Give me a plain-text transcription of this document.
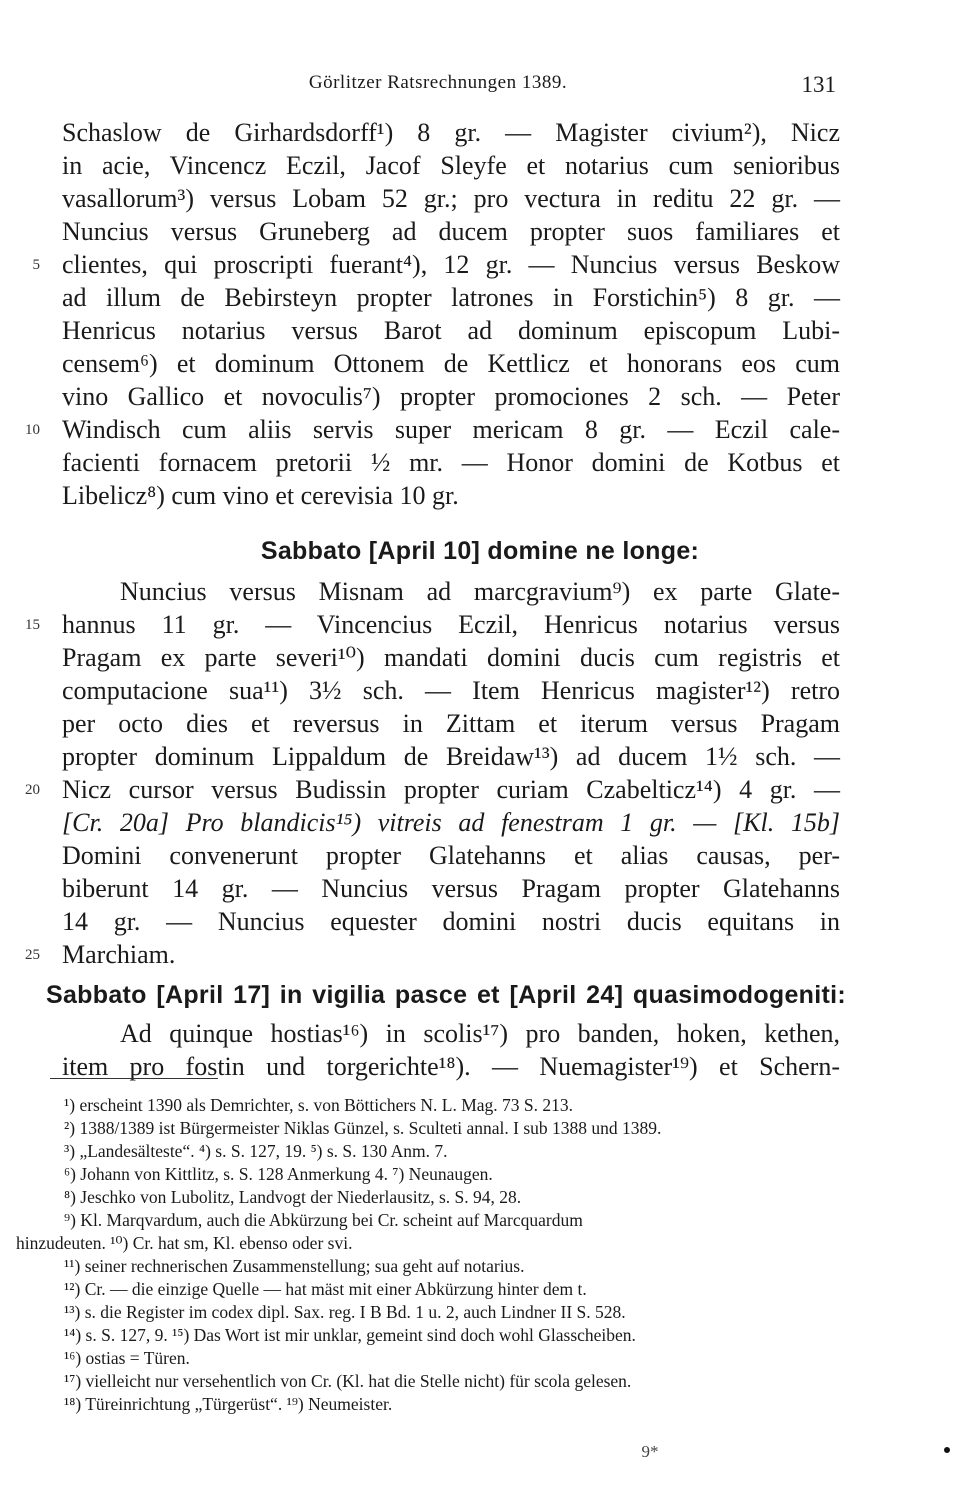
Görlitzer Ratsrechnungen 1389.	131
Schaslow de Girhardsdorff¹) 8 gr. — Magister civium²), Nicz
in acie, Vincencz Eczil, Jacof Sleyfe et notarius cum senioribus
vasallorum³) versus Lobam 52 gr.; pro vectura in reditu 22 gr. —
Nuncius versus Gruneberg ad ducem propter suos familiares et
5 clientes, qui proscripti fuerant⁴), 12 gr. — Nuncius versus Beskow
ad illum de Bebirsteyn propter latrones in Forstichin⁵) 8 gr. —
Henricus notarius versus Barot ad dominum episcopum Lubi-
censem⁶) et dominum Ottonem de Kettlicz et honorans eos cum
vino Gallico et novoculis⁷) propter promociones 2 sch. — Peter
10 Windisch cum aliis servis super mericam 8 gr. — Eczil cale-
facienti fornacem pretorii ½ mr. — Honor domini de Kotbus et
Libelicz⁸) cum vino et cerevisia 10 gr.
Sabbato [April 10] domine ne longe:
Nuncius versus Misnam ad marcgravium⁹) ex parte Glate-
15 hannus 11 gr. — Vincencius Eczil, Henricus notarius versus
Pragam ex parte severi¹⁰) mandati domini ducis cum registris et
computacione sua¹¹) 3½ sch. — Item Henricus magister¹²) retro
per octo dies et reversus in Zittam et iterum versus Pragam
propter dominum Lippaldum de Breidaw¹³) ad ducem 1½ sch. —
20 Nicz cursor versus Budissin propter curiam Czabelticz¹⁴) 4 gr. —
[Cr. 20a] Pro blandicis¹⁵) vitreis ad fenestram 1 gr. — [Kl. 15b]
Domini convenerunt propter Glatehanns et alias causas, per-
biberunt 14 gr. — Nuncius versus Pragam propter Glatehanns
14 gr. — Nuncius equester domini nostri ducis equitans in
25 Marchiam.
Sabbato [April 17] in vigilia pasce et [April 24] quasimodogeniti:
Ad quinque hostias¹⁶) in scolis¹⁷) pro banden, hoken, kethen,
item pro fostin und torgerichte¹⁸). — Nuemagister¹⁹) et Schern-
¹) erscheint 1390 als Demrichter, s. von Böttichers N. L. Mag. 73 S. 213.
²) 1388/1389 ist Bürgermeister Niklas Günzel, s. Sculteti annal. I sub 1388 und 1389.
³) „Landesälteste“. ⁴) s. S. 127, 19. ⁵) s. S. 130 Anm. 7.
⁶) Johann von Kittlitz, s. S. 128 Anmerkung 4. ⁷) Neunaugen.
⁸) Jeschko von Lubolitz, Landvogt der Niederlausitz, s. S. 94, 28.
⁹) Kl. Marqvardum, auch die Abkürzung bei Cr. scheint auf Marcquardum
hinzudeuten. ¹⁰) Cr. hat sm, Kl. ebenso oder svi.
¹¹) seiner rechnerischen Zusammenstellung; sua geht auf notarius.
¹²) Cr. — die einzige Quelle — hat mäst mit einer Abkürzung hinter dem t.
¹³) s. die Register im codex dipl. Sax. reg. I B Bd. 1 u. 2, auch Lindner II S. 528.
¹⁴) s. S. 127, 9. ¹⁵) Das Wort ist mir unklar, gemeint sind doch wohl Glasscheiben.
¹⁶) ostias = Türen.
¹⁷) vielleicht nur versehentlich von Cr. (Kl. hat die Stelle nicht) für scola gelesen.
¹⁸) Türeinrichtung „Türgerüst“. ¹⁹) Neumeister.
9*
